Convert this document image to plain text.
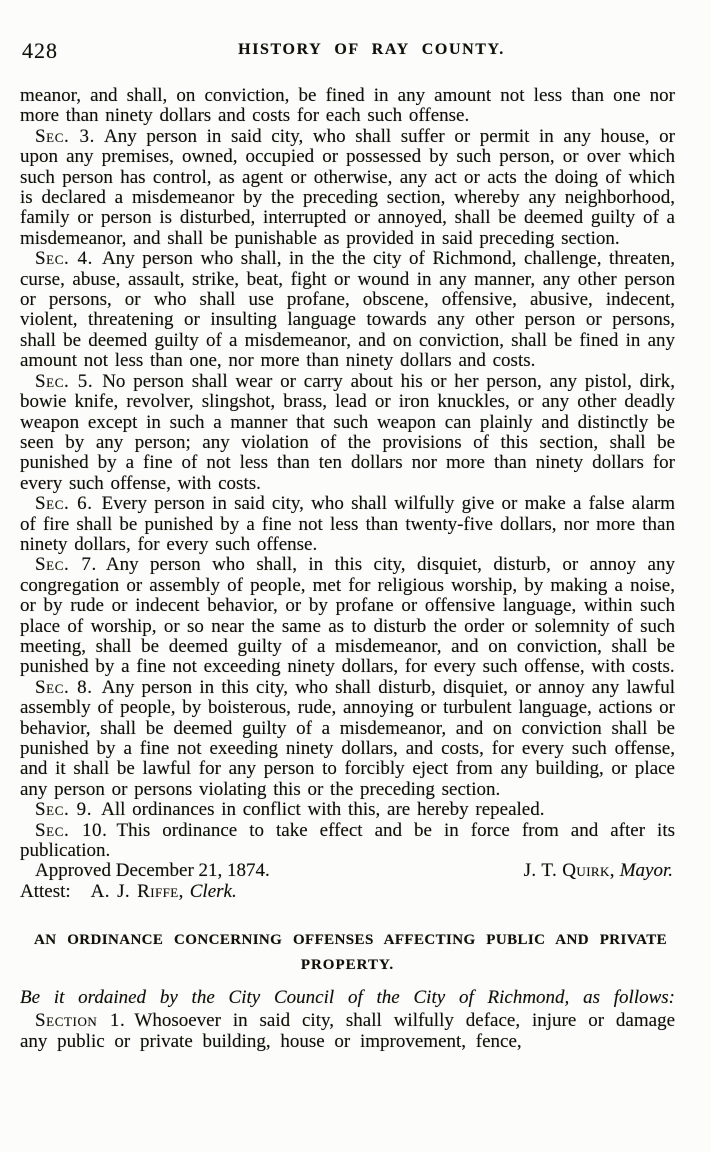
428	HISTORY OF RAY COUNTY.

meanor, and shall, on conviction, be fined in any amount not less than one nor more than ninety dollars and costs for each such offense.

Sec. 3. Any person in said city, who shall suffer or permit in any house, or upon any premises, owned, occupied or possessed by such person, or over which such person has control, as agent or otherwise, any act or acts the doing of which is declared a misdemeanor by the preceding section, whereby any neighborhood, family or person is disturbed, interrupted or annoyed, shall be deemed guilty of a misdemeanor, and shall be punishable as provided in said preceding section.

Sec. 4. Any person who shall, in the the city of Richmond, challenge, threaten, curse, abuse, assault, strike, beat, fight or wound in any manner, any other person or persons, or who shall use profane, obscene, offensive, abusive, indecent, violent, threatening or insulting language towards any other person or persons, shall be deemed guilty of a misdemeanor, and on conviction, shall be fined in any amount not less than one, nor more than ninety dollars and costs.

Sec. 5. No person shall wear or carry about his or her person, any pistol, dirk, bowie knife, revolver, slingshot, brass, lead or iron knuckles, or any other deadly weapon except in such a manner that such weapon can plainly and distinctly be seen by any person; any violation of the provisions of this section, shall be punished by a fine of not less than ten dollars nor more than ninety dollars for every such offense, with costs.

Sec. 6. Every person in said city, who shall wilfully give or make a false alarm of fire shall be punished by a fine not less than twenty-five dollars, nor more than ninety dollars, for every such offense.

Sec. 7. Any person who shall, in this city, disquiet, disturb, or annoy any congregation or assembly of people, met for religious worship, by making a noise, or by rude or indecent behavior, or by profane or offensive language, within such place of worship, or so near the same as to disturb the order or solemnity of such meeting, shall be deemed guilty of a misdemeanor, and on conviction, shall be punished by a fine not exceeding ninety dollars, for every such offense, with costs.

Sec. 8. Any person in this city, who shall disturb, disquiet, or annoy any lawful assembly of people, by boisterous, rude, annoying or turbulent language, actions or behavior, shall be deemed guilty of a misdemeanor, and on conviction shall be punished by a fine not exeeding ninety dollars, and costs, for every such offense, and it shall be lawful for any person to forcibly eject from any building, or place any person or persons violating this or the preceding section.

Sec. 9. All ordinances in conflict with this, are hereby repealed.

Sec. 10. This ordinance to take effect and be in force from and after its publication.

Approved December 21, 1874.	J. T. Quirk, Mayor.

Attest: A. J. Riffe, Clerk.

AN ORDINANCE CONCERNING OFFENSES AFFECTING PUBLIC AND PRIVATE
PROPERTY.
Be it ordained by the City Council of the City of Richmond, as follows:

Section 1. Whosoever in said city, shall wilfully deface, injure or damage any public or private building, house or improvement, fence,
